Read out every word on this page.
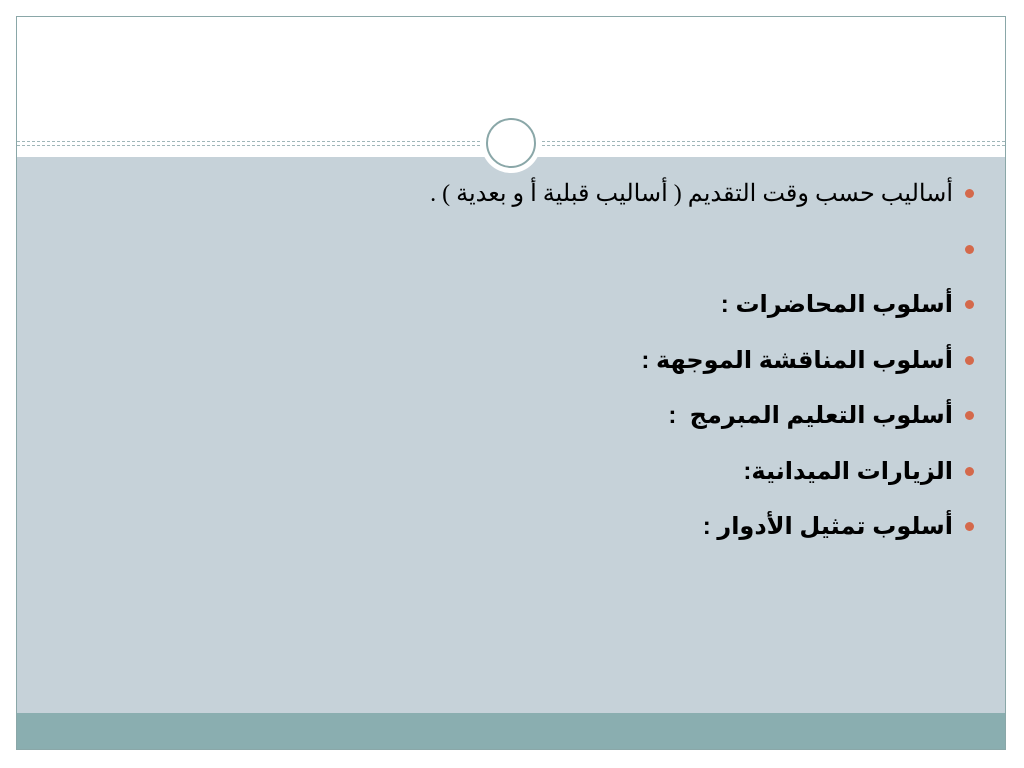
أساليب حسب وقت التقديم ( أساليب قبلية أ و بعدية ) .
أسلوب المحاضرات :
أسلوب المناقشة الموجهة :
أسلوب التعليم المبرمج  :
الزيارات الميدانية:
أسلوب تمثيل الأدوار :
